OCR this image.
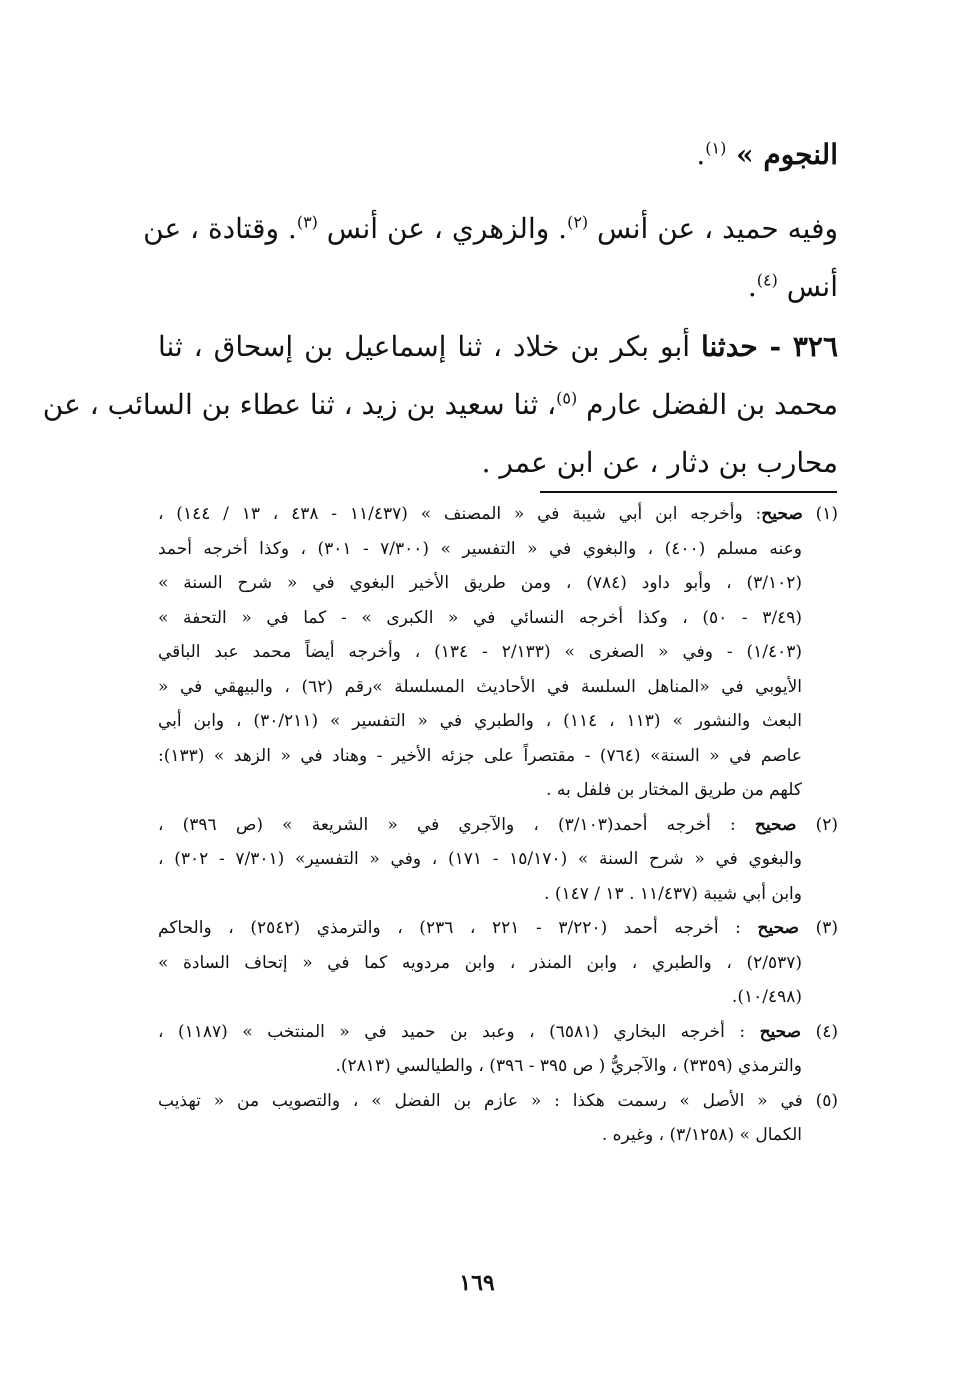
النجوم » $^{(١)}$.
وفيه حميد ، عن أنس $^{(٢)}$. والزهري ، عن أنس $^{(٣)}$. وقتادة ، عن
أنس $^{(٤)}$.
٣٢٦ - حدثنا أبو بكر بن خلاد ، ثنا إسماعيل بن إسحاق ، ثنا
محمد بن الفضل عارم $^{(٥)}$، ثنا سعيد بن زيد ، ثنا عطاء بن السائب ، عن
محارب بن دثار ، عن ابن عمر .
(١) صحيح: وأخرجه ابن أبي شيبة في « المصنف » (١١/٤٣٧ - ٤٣٨ ، ١٣ / ١٤٤) ،
وعنه مسلم (٤٠٠) ، والبغوي في « التفسير » (٧/٣٠٠ - ٣٠١) ، وكذا أخرجه أحمد
(٣/١٠٢) ، وأبو داود (٧٨٤) ، ومن طريق الأخير البغوي في « شرح السنة »
(٣/٤٩ - ٥٠) ، وكذا أخرجه النسائي في « الكبرى » - كما في « التحفة »
(١/٤٠٣) - وفي « الصغرى » (٢/١٣٣ - ١٣٤) ، وأخرجه أيضاً محمد عبد الباقي
الأيوبي في «المناهل السلسة في الأحاديث المسلسلة »رقم (٦٢) ، والبيهقي في «
البعث والنشور » (١١٣ ، ١١٤) ، والطبري في « التفسير » (٣٠/٢١١) ، وابن أبي
عاصم في « السنة» (٧٦٤) - مقتصراً على جزئه الأخير - وهناد في « الزهد » (١٣٣):
كلهم من طريق المختار بن فلفل به .
(٢) صحيح : أخرجه أحمد(٣/١٠٣) ، والآجري في « الشريعة » (ص ٣٩٦) ،
والبغوي في « شرح السنة » (١٥/١٧٠ - ١٧١) ، وفي « التفسير» (٧/٣٠١ - ٣٠٢) ،
وابن أبي شيبة (١١/٤٣٧ . ١٣ / ١٤٧) .
(٣) صحيح : أخرجه أحمد (٣/٢٢٠ - ٢٢١ ، ٢٣٦) ، والترمذي (٢٥٤٢) ، والحاكم
(٢/٥٣٧) ، والطبري ، وابن المنذر ، وابن مردويه كما في « إتحاف السادة »
(١٠/٤٩٨).
(٤) صحيح : أخرجه البخاري (٦٥٨١) ، وعبد بن حميد في « المنتخب » (١١٨٧) ،
والترمذي (٣٣٥٩) ، والآجريُّ ( ص ٣٩٥ - ٣٩٦) ، والطيالسي (٢٨١٣).
(٥) في « الأصل » رسمت هكذا : « عازم بن الفضل » ، والتصويب من « تهذيب
الكمال » (٣/١٢٥٨) ، وغيره .
١٦٩
